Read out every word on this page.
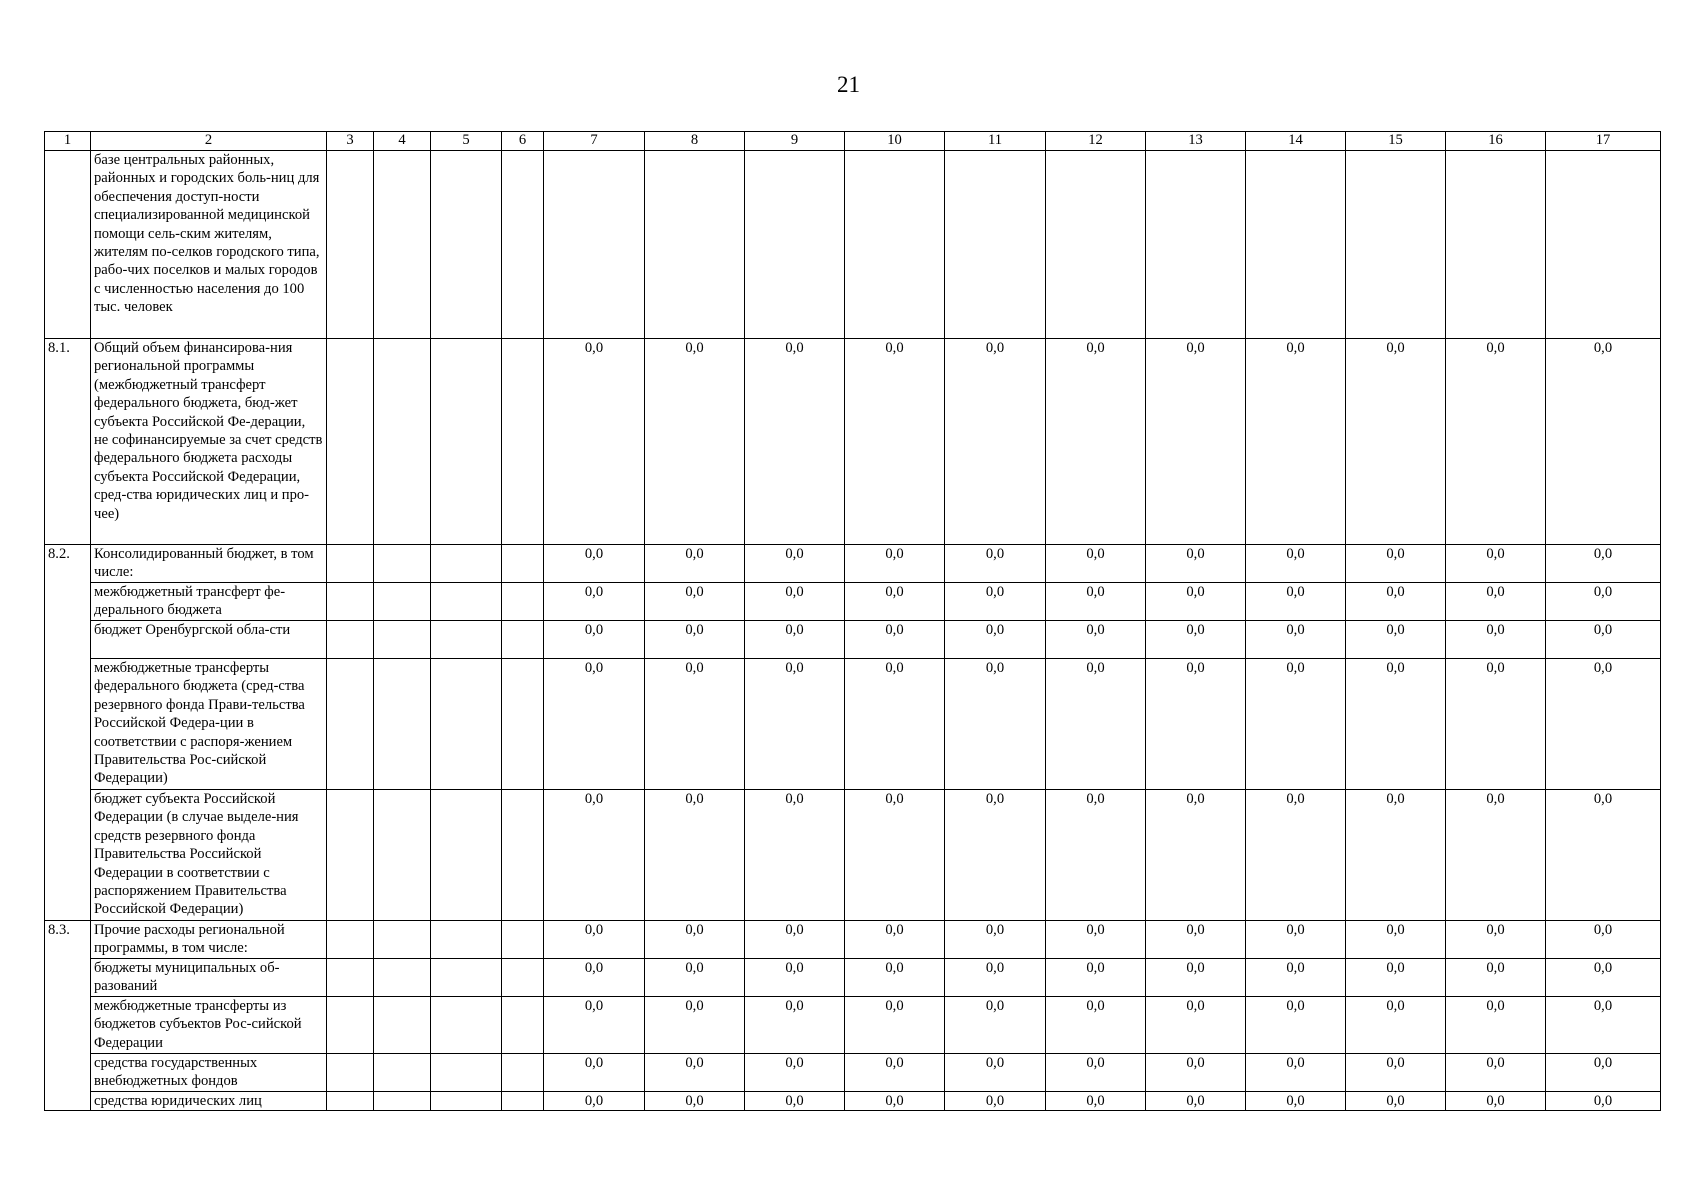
21
1	2	3	4	5	6	7	8	9	10	11	12	13	14	15	16	17
	базе центральных районных, районных и городских боль-ниц для обеспечения доступ-ности специализированной медицинской помощи сель-ским жителям, жителям по-селков городского типа, рабо-чих поселков и малых городов с численностью населения до 100 тыс. человек															
8.1.	Общий объем финансирова-ния региональной программы (межбюджетный трансферт федерального бюджета, бюд-жет субъекта Российской Фе-дерации, не софинансируемые за счет средств федерального бюджета расходы субъекта Российской Федерации, сред-ства юридических лиц и про-чее)					0,0	0,0	0,0	0,0	0,0	0,0	0,0	0,0	0,0	0,0	0,0
8.2.	Консолидированный бюджет, в том числе:					0,0	0,0	0,0	0,0	0,0	0,0	0,0	0,0	0,0	0,0	0,0
	межбюджетный трансферт фе-дерального бюджета					0,0	0,0	0,0	0,0	0,0	0,0	0,0	0,0	0,0	0,0	0,0
	бюджет Оренбургской обла-сти					0,0	0,0	0,0	0,0	0,0	0,0	0,0	0,0	0,0	0,0	0,0
	межбюджетные трансферты федерального бюджета (сред-ства резервного фонда Прави-тельства Российской Федера-ции в соответствии с распоря-жением Правительства Рос-сийской Федерации)					0,0	0,0	0,0	0,0	0,0	0,0	0,0	0,0	0,0	0,0	0,0
	бюджет субъекта Российской Федерации (в случае выделе-ния средств резервного фонда Правительства Российской Федерации в соответствии с распоряжением Правительства Российской Федерации)					0,0	0,0	0,0	0,0	0,0	0,0	0,0	0,0	0,0	0,0	0,0
8.3.	Прочие расходы региональной программы, в том числе:					0,0	0,0	0,0	0,0	0,0	0,0	0,0	0,0	0,0	0,0	0,0
	бюджеты муниципальных об-разований					0,0	0,0	0,0	0,0	0,0	0,0	0,0	0,0	0,0	0,0	0,0
	межбюджетные трансферты из бюджетов субъектов Рос-сийской Федерации					0,0	0,0	0,0	0,0	0,0	0,0	0,0	0,0	0,0	0,0	0,0
	средства государственных внебюджетных фондов					0,0	0,0	0,0	0,0	0,0	0,0	0,0	0,0	0,0	0,0	0,0
	средства юридических лиц					0,0	0,0	0,0	0,0	0,0	0,0	0,0	0,0	0,0	0,0	0,0
